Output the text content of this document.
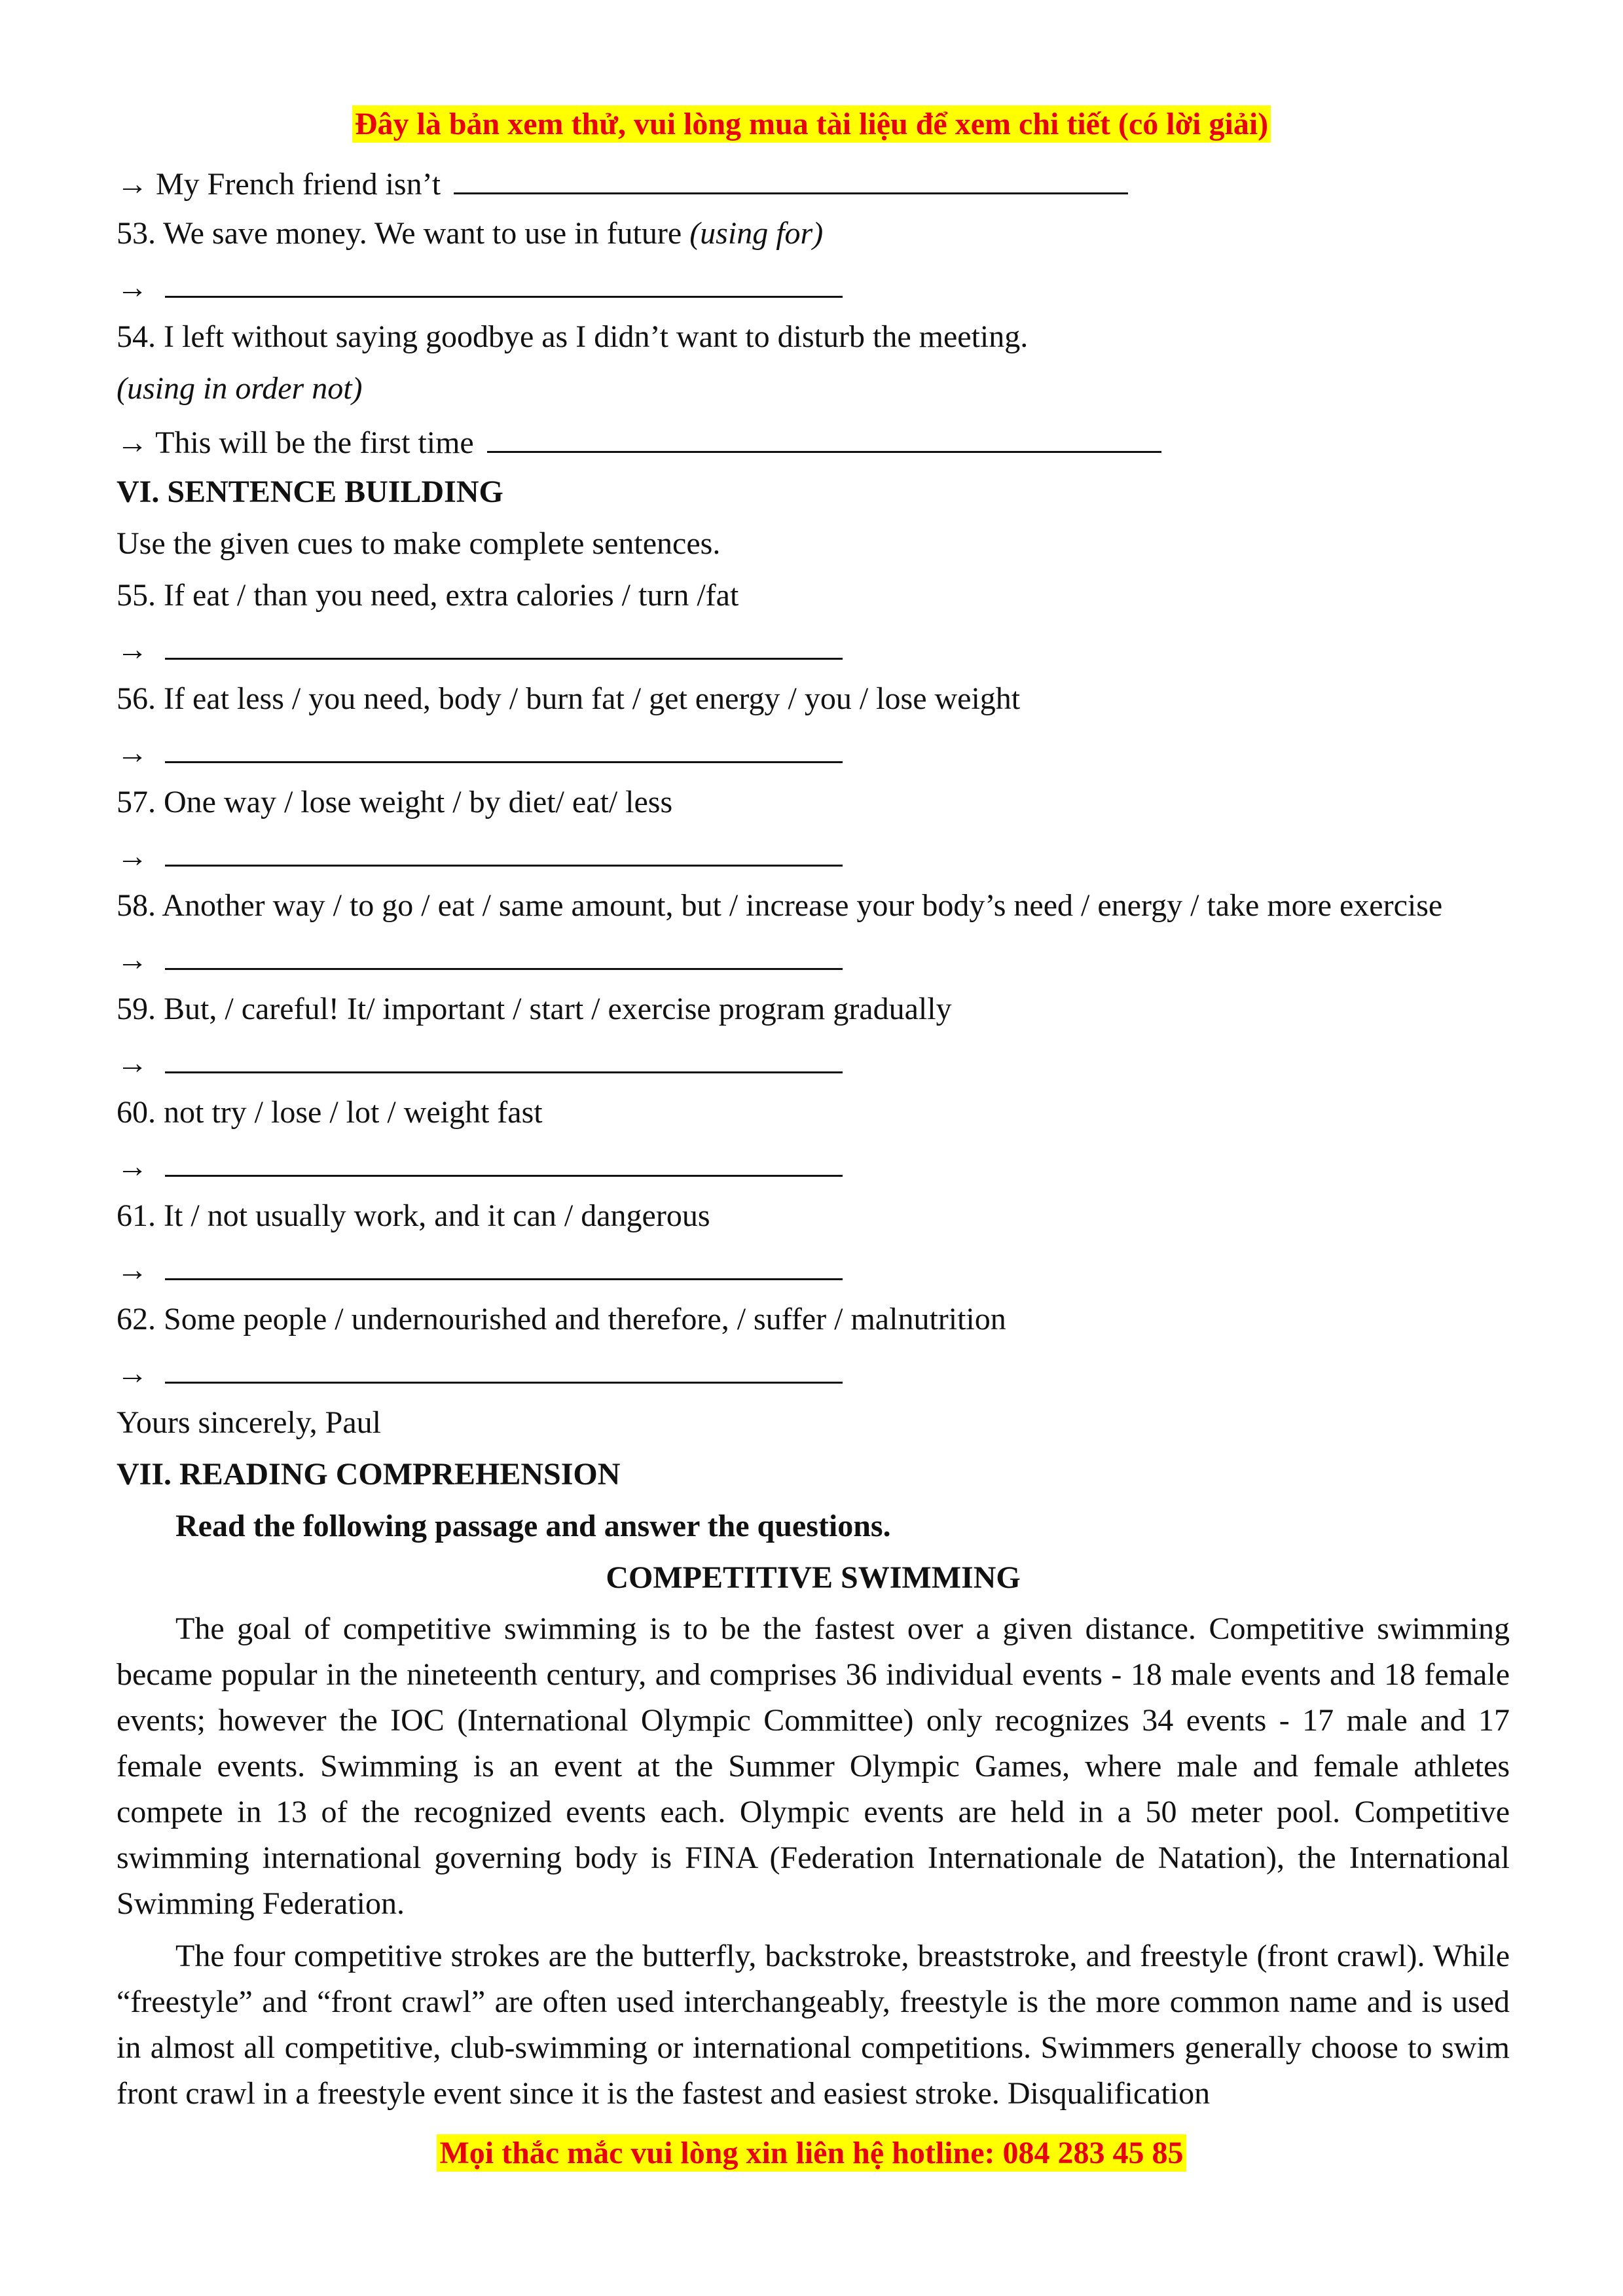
Đây là bản xem thử, vui lòng mua tài liệu để xem chi tiết (có lời giải)
→ My French friend isn’t
53. We save money. We want to use in future (using for)
→
54. I left without saying goodbye as I didn’t want to disturb the meeting.
(using in order not)
→ This will be the first time
VI. SENTENCE BUILDING
Use the given cues to make complete sentences.
55. If eat / than you need, extra calories / turn /fat
→
56. If eat less / you need, body / burn fat / get energy / you / lose weight
→
57. One way / lose weight / by diet/ eat/ less
→
58. Another way / to go / eat / same amount, but / increase your body’s need / energy / take more exercise
→
59. But, / careful! It/ important / start / exercise program gradually
→
60. not try / lose / lot / weight fast
→
61. It / not usually work, and it can / dangerous
→
62. Some people / undernourished and therefore, / suffer / malnutrition
→
Yours sincerely, Paul
VII. READING COMPREHENSION
Read the following passage and answer the questions.
COMPETITIVE SWIMMING
The goal of competitive swimming is to be the fastest over a given distance. Competitive swimming became popular in the nineteenth century, and comprises 36 individual events - 18 male events and 18 female events; however the IOC (International Olympic Committee) only recognizes 34 events - 17 male and 17 female events. Swimming is an event at the Summer Olympic Games, where male and female athletes compete in 13 of the recognized events each. Olympic events are held in a 50 meter pool. Competitive swimming international governing body is FINA (Federation Internationale de Natation), the International Swimming Federation.
The four competitive strokes are the butterfly, backstroke, breaststroke, and freestyle (front crawl). While “freestyle” and “front crawl” are often used interchangeably, freestyle is the more common name and is used in almost all competitive, club-swimming or international competitions. Swimmers generally choose to swim front crawl in a freestyle event since it is the fastest and easiest stroke. Disqualification
Mọi thắc mắc vui lòng xin liên hệ hotline: 084 283 45 85
